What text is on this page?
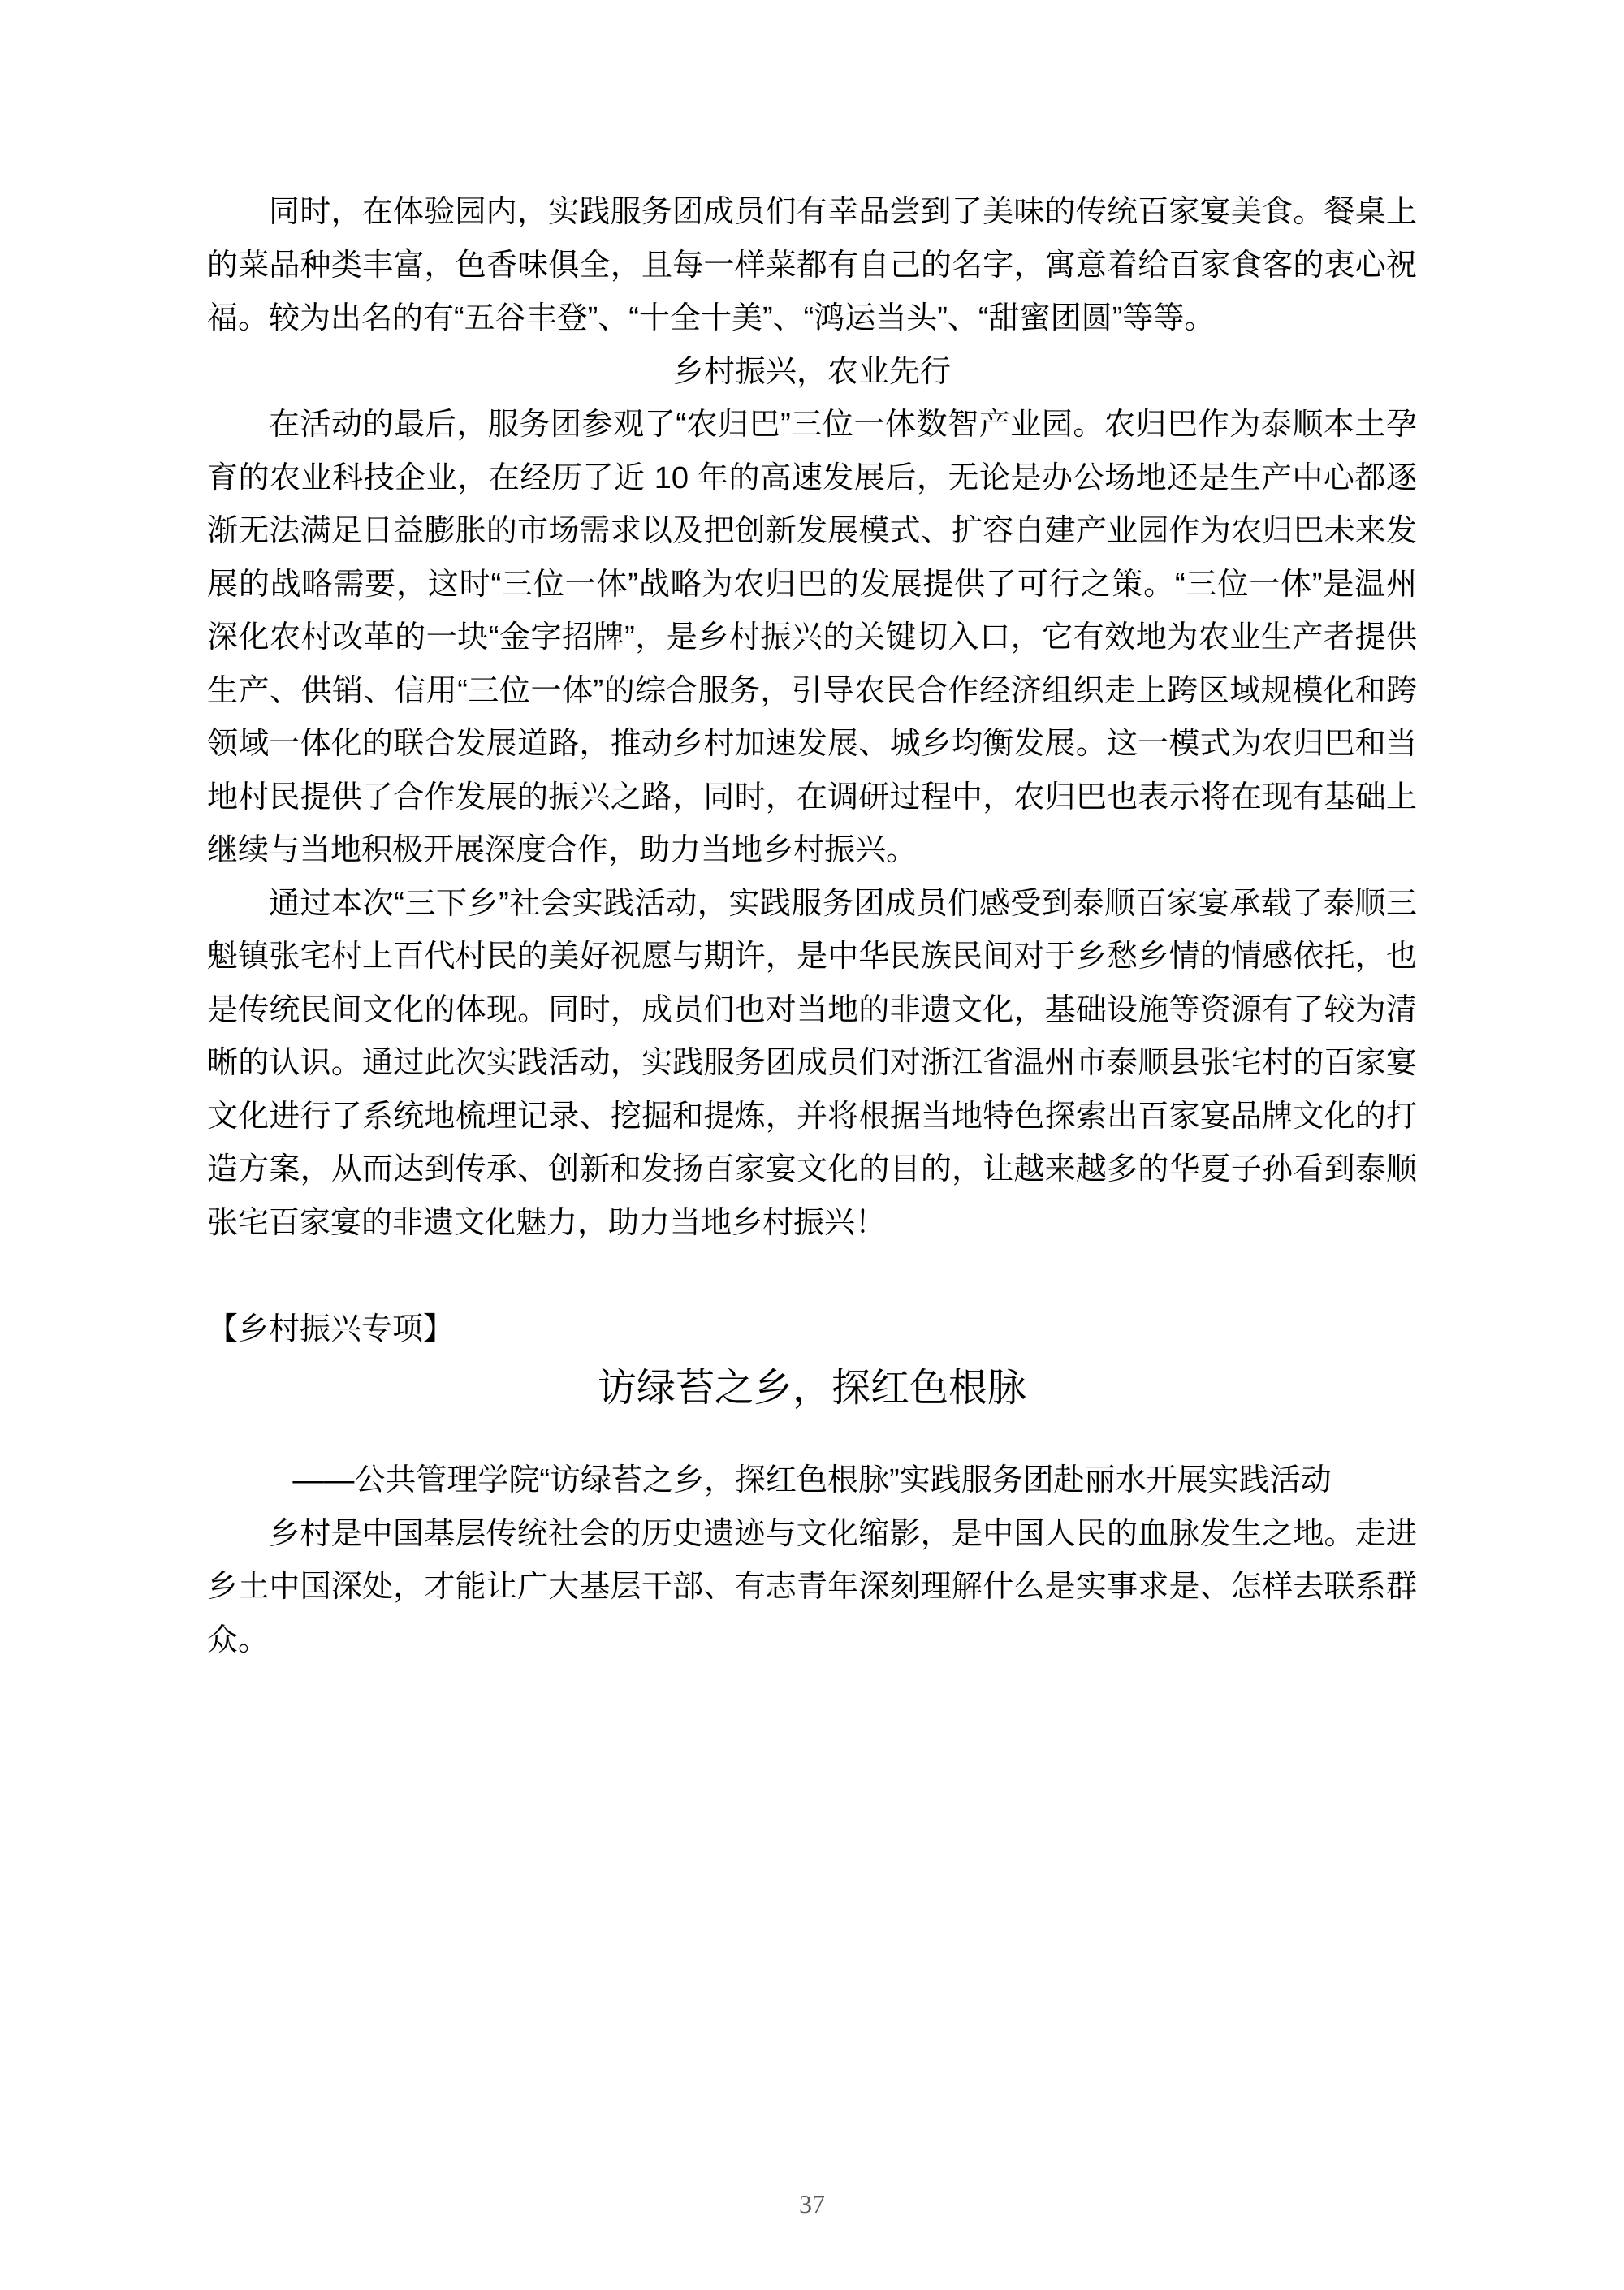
同时，在体验园内，实践服务团成员们有幸品尝到了美味的传统百家宴美食。餐桌上的菜品种类丰富，色香味俱全，且每一样菜都有自己的名字，寓意着给百家食客的衷心祝福。较为出名的有“五谷丰登”、“十全十美”、“鸿运当头”、“甜蜜团圆”等等。

乡村振兴，农业先行

在活动的最后，服务团参观了“农归巴”三位一体数智产业园。农归巴作为泰顺本土孕育的农业科技企业，在经历了近 10 年的高速发展后，无论是办公场地还是生产中心都逐渐无法满足日益膨胀的市场需求以及把创新发展模式、扩容自建产业园作为农归巴未来发展的战略需要，这时“三位一体”战略为农归巴的发展提供了可行之策。“三位一体”是温州深化农村改革的一块“金字招牌”，是乡村振兴的关键切入口，它有效地为农业生产者提供生产、供销、信用“三位一体”的综合服务，引导农民合作经济组织走上跨区域规模化和跨领域一体化的联合发展道路，推动乡村加速发展、城乡均衡发展。这一模式为农归巴和当地村民提供了合作发展的振兴之路，同时，在调研过程中，农归巴也表示将在现有基础上继续与当地积极开展深度合作，助力当地乡村振兴。

通过本次“三下乡”社会实践活动，实践服务团成员们感受到泰顺百家宴承载了泰顺三魁镇张宅村上百代村民的美好祝愿与期许，是中华民族民间对于乡愁乡情的情感依托，也是传统民间文化的体现。同时，成员们也对当地的非遗文化，基础设施等资源有了较为清晰的认识。通过此次实践活动，实践服务团成员们对浙江省温州市泰顺县张宅村的百家宴文化进行了系统地梳理记录、挖掘和提炼，并将根据当地特色探索出百家宴品牌文化的打造方案，从而达到传承、创新和发扬百家宴文化的目的，让越来越多的华夏子孙看到泰顺张宅百家宴的非遗文化魅力，助力当地乡村振兴！

【乡村振兴专项】

访绿苔之乡，探红色根脉

——公共管理学院“访绿苔之乡，探红色根脉”实践服务团赴丽水开展实践活动

乡村是中国基层传统社会的历史遗迹与文化缩影，是中国人民的血脉发生之地。走进乡土中国深处，才能让广大基层干部、有志青年深刻理解什么是实事求是、怎样去联系群众。

37
